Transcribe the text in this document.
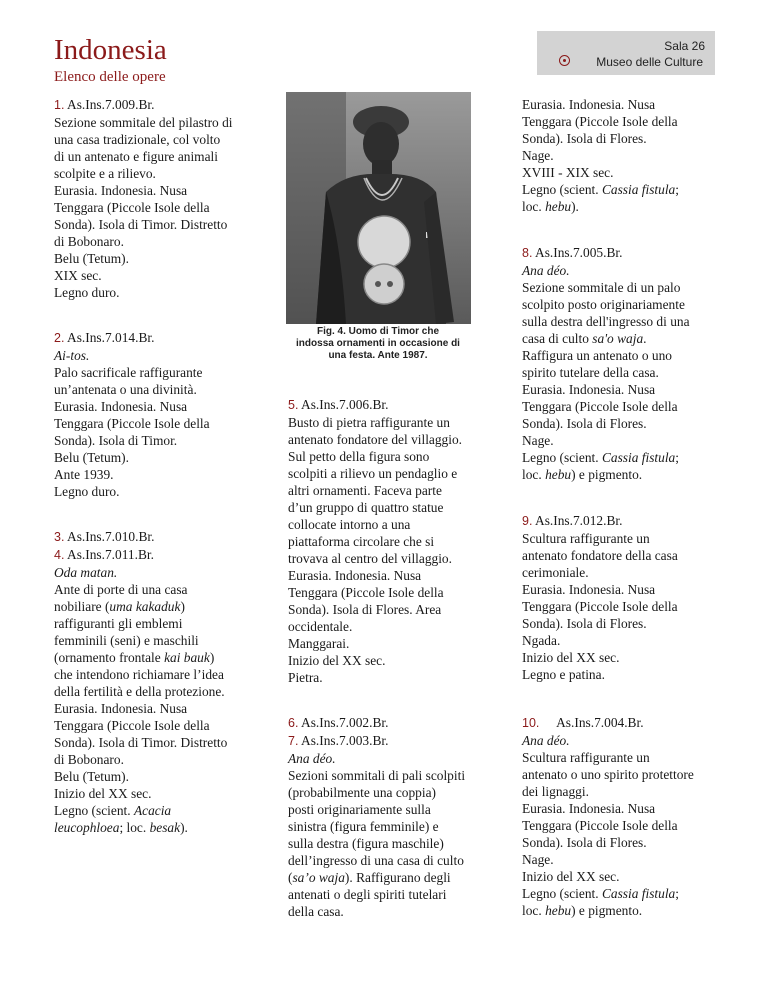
Indonesia
Elenco delle opere
Sala 26
Museo delle Culture
1. As.Ins.7.009.Br.
Sezione sommitale del pilastro di
una casa tradizionale, col volto
di un antenato e figure animali
scolpite e a rilievo.
Eurasia. Indonesia. Nusa
Tenggara (Piccole Isole della
Sonda). Isola di Timor. Distretto
di Bobonaro.
Belu (Tetum).
XIX sec.
Legno duro.
2. As.Ins.7.014.Br.
Ai-tos.
Palo sacrificale raffigurante
un’antenata o una divinità.
Eurasia. Indonesia. Nusa
Tenggara (Piccole Isole della
Sonda). Isola di Timor.
Belu (Tetum).
Ante 1939.
Legno duro.
3. As.Ins.7.010.Br.
4. As.Ins.7.011.Br.
Oda matan.
Ante di porte di una casa
nobiliare (uma kakaduk)
raffiguranti gli emblemi
femminili (seni) e maschili
(ornamento frontale kai bauk)
che intendono richiamare l’idea
della fertilità e della protezione.
Eurasia. Indonesia. Nusa
Tenggara (Piccole Isole della
Sonda). Isola di Timor. Distretto
di Bobonaro.
Belu (Tetum).
Inizio del XX sec.
Legno (scient. Acacia
leucophloea; loc. besak).
Fig. 4. Uomo di Timor che
indossa ornamenti in occasione di
una festa. Ante 1987.
5. As.Ins.7.006.Br.
Busto di pietra raffigurante un
antenato fondatore del villaggio.
Sul petto della figura sono
scolpiti a rilievo un pendaglio e
altri ornamenti. Faceva parte
d’un gruppo di quattro statue
collocate intorno a una
piattaforma circolare che si
trovava al centro del villaggio.
Eurasia. Indonesia. Nusa
Tenggara (Piccole Isole della
Sonda). Isola di Flores. Area
occidentale.
Manggarai.
Inizio del XX sec.
Pietra.
6. As.Ins.7.002.Br.
7. As.Ins.7.003.Br.
Ana déo.
Sezioni sommitali di pali scolpiti
(probabilmente una coppia)
posti originariamente sulla
sinistra (figura femminile) e
sulla destra (figura maschile)
dell’ingresso di una casa di culto
(sa’o waja). Raffigurano degli
antenati o degli spiriti tutelari
della casa.
Eurasia. Indonesia. Nusa
Tenggara (Piccole Isole della
Sonda). Isola di Flores.
Nage.
XVIII - XIX sec.
Legno (scient. Cassia fistula;
loc. hebu).
8. As.Ins.7.005.Br.
Ana déo.
Sezione sommitale di un palo
scolpito posto originariamente
sulla destra dell'ingresso di una
casa di culto sa'o waja.
Raffigura un antenato o uno
spirito tutelare della casa.
Eurasia. Indonesia. Nusa
Tenggara (Piccole Isole della
Sonda). Isola di Flores.
Nage.
Legno (scient. Cassia fistula;
loc. hebu) e pigmento.
9. As.Ins.7.012.Br.
Scultura raffigurante un
antenato fondatore della casa
cerimoniale.
Eurasia. Indonesia. Nusa
Tenggara (Piccole Isole della
Sonda). Isola di Flores.
Ngada.
Inizio del XX sec.
Legno e patina.
10. As.Ins.7.004.Br.
Ana déo.
Scultura raffigurante un
antenato o uno spirito protettore
dei lignaggi.
Eurasia. Indonesia. Nusa
Tenggara (Piccole Isole della
Sonda). Isola di Flores.
Nage.
Inizio del XX sec.
Legno (scient. Cassia fistula;
loc. hebu) e pigmento.
